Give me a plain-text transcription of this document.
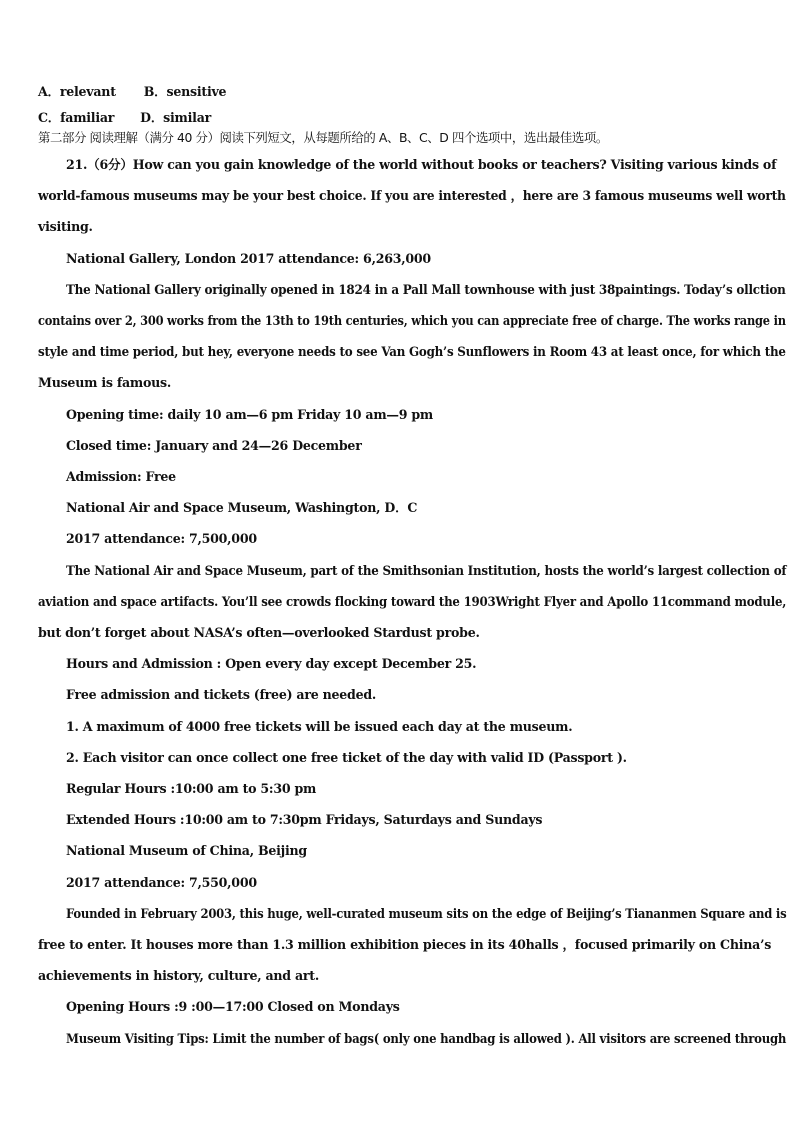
A．relevant B．sensitive
C．familiar D．similar
第二部分 阅读理解（满分 40 分）阅读下列短文，从每题所给的 A、B、C、D 四个选项中，选出最佳选项。
21.（6分）How can you gain knowledge of the world without books or teachers? Visiting various kinds of
world-famous museums may be your best choice. If you are interested ，here are 3 famous museums well worth
visiting.
National Gallery, London 2017 attendance: 6,263,000
The National Gallery originally opened in 1824 in a Pall Mall townhouse with just 38paintings. Today’s ollction
contains over 2, 300 works from the 13th to 19th centuries, which you can appreciate free of charge. The works range in
style and time period, but hey, everyone needs to see Van Gogh’s Sunflowers in Room 43 at least once, for which the
Museum is famous.
Opening time: daily 10 am—6 pm Friday 10 am—9 pm
Closed time: January and 24—26 December
Admission: Free
National Air and Space Museum, Washington, D．C
2017 attendance: 7,500,000
The National Air and Space Museum, part of the Smithsonian Institution, hosts the world’s largest collection of
aviation and space artifacts. You’ll see crowds flocking toward the 1903Wright Flyer and Apollo 11command module,
but don’t forget about NASA’s often—overlooked Stardust probe.
Hours and Admission : Open every day except December 25.
Free admission and tickets (free) are needed.
1. A maximum of 4000 free tickets will be issued each day at the museum.
2. Each visitor can once collect one free ticket of the day with valid ID (Passport ).
Regular Hours :10:00 am to 5:30 pm
Extended Hours :10:00 am to 7:30pm Fridays, Saturdays and Sundays
National Museum of China, Beijing
2017 attendance: 7,550,000
Founded in February 2003, this huge, well-curated museum sits on the edge of Beijing’s Tiananmen Square and is
free to enter. It houses more than 1.3 million exhibition pieces in its 40halls ，focused primarily on China’s
achievements in history, culture, and art.
Opening Hours :9 :00—17:00 Closed on Mondays
Museum Visiting Tips: Limit the number of bags( only one handbag is allowed ). All visitors are screened through
